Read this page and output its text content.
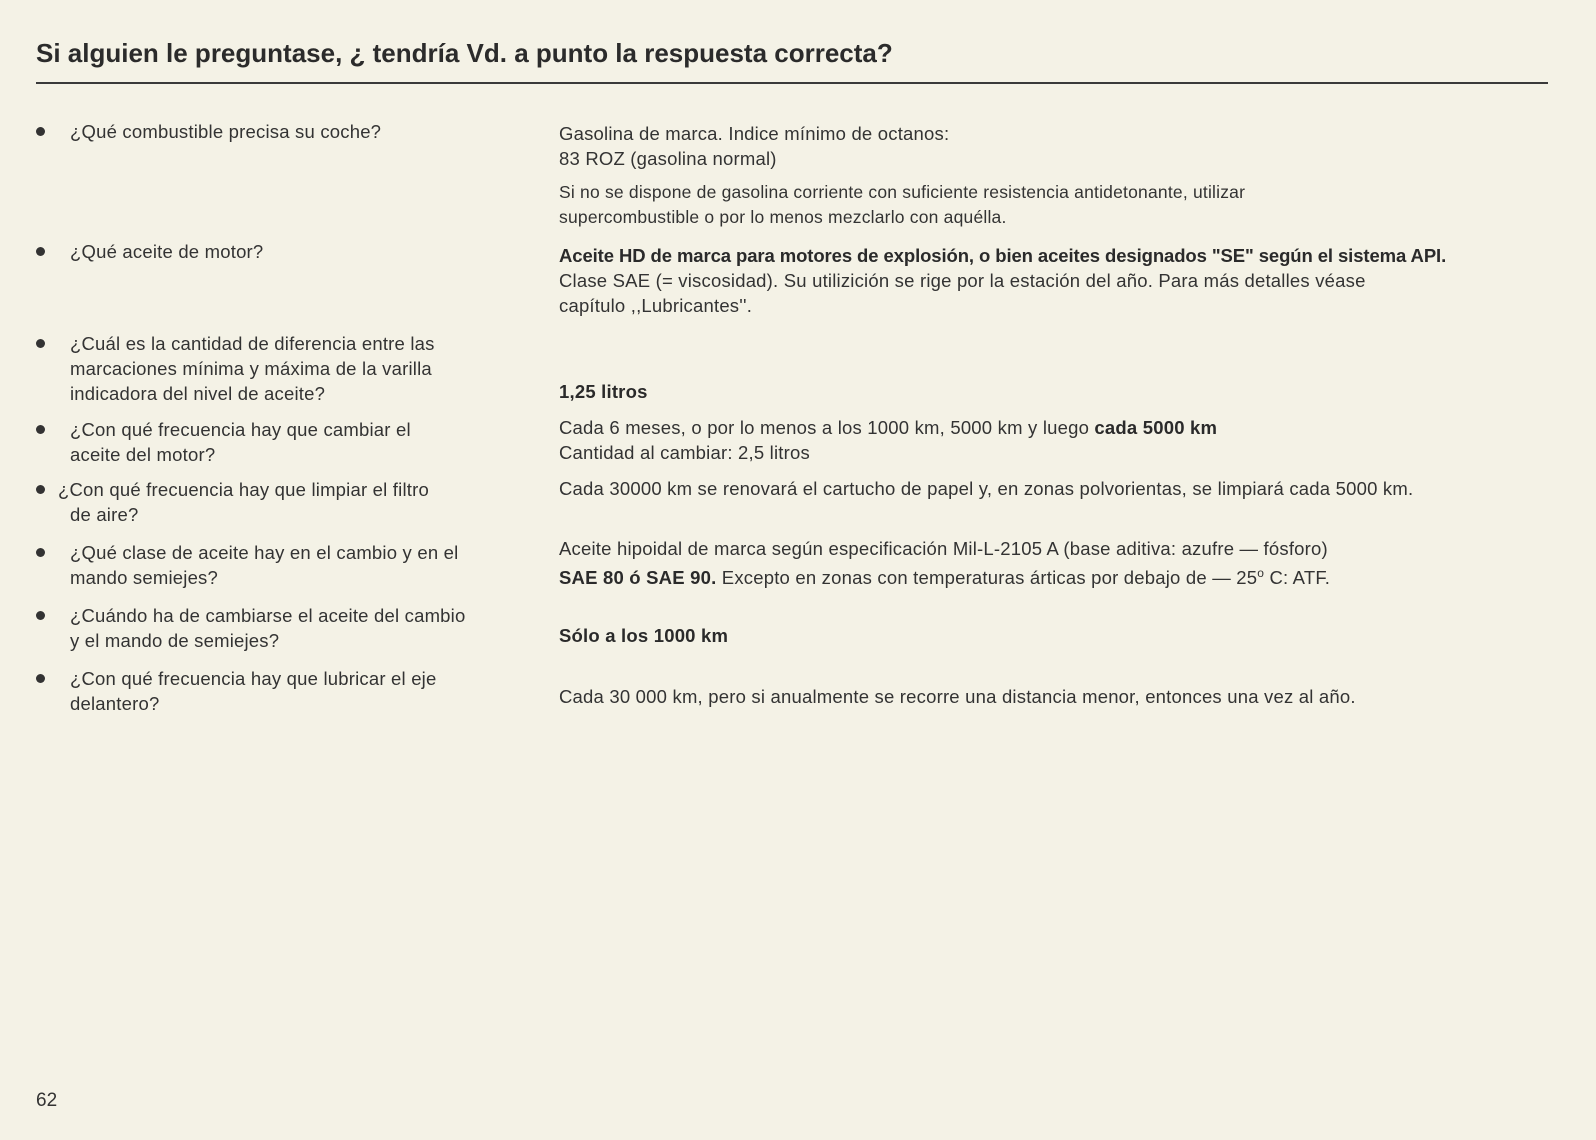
Si alguien le preguntase, ¿ tendría Vd. a punto la respuesta correcta?
¿Qué combustible precisa su coche?
¿Qué aceite de motor?
¿Cuál es la cantidad de diferencia entre las
marcaciones mínima y máxima de la varilla
indicadora del nivel de aceite?
¿Con qué frecuencia hay que cambiar el
aceite del motor?
¿Con qué frecuencia hay que limpiar el filtro
de aire?
¿Qué clase de aceite hay en el cambio y en el
mando semiejes?
¿Cuándo ha de cambiarse el aceite del cambio
y el mando de semiejes?
¿Con qué frecuencia hay que lubricar el eje
delantero?
Gasolina de marca. Indice mínimo de octanos:
83 ROZ (gasolina normal)
Si no se dispone de gasolina corriente con suficiente resistencia antidetonante, utilizar
supercombustible o por lo menos mezclarlo con aquélla.
Aceite HD de marca para motores de explosión, o bien aceites designados "SE" según el sistema API.
Clase SAE (= viscosidad). Su utilizición se rige por la estación del año. Para más detalles véase
capítulo ,,Lubricantes''.
1,25 litros
Cada 6 meses, o por lo menos a los 1000 km, 5000 km y luego cada 5000 km
Cantidad al cambiar: 2,5 litros
Cada 30000 km se renovará el cartucho de papel y, en zonas polvorientas, se limpiará cada 5000 km.
Aceite hipoidal de marca según especificación Mil-L-2105 A (base aditiva: azufre — fósforo)
SAE 80 ó SAE 90. Excepto en zonas con temperaturas árticas por debajo de — 25$^o$ C: ATF.
Sólo a los 1000 km
Cada 30 000 km, pero si anualmente se recorre una distancia menor, entonces una vez al año.
62
